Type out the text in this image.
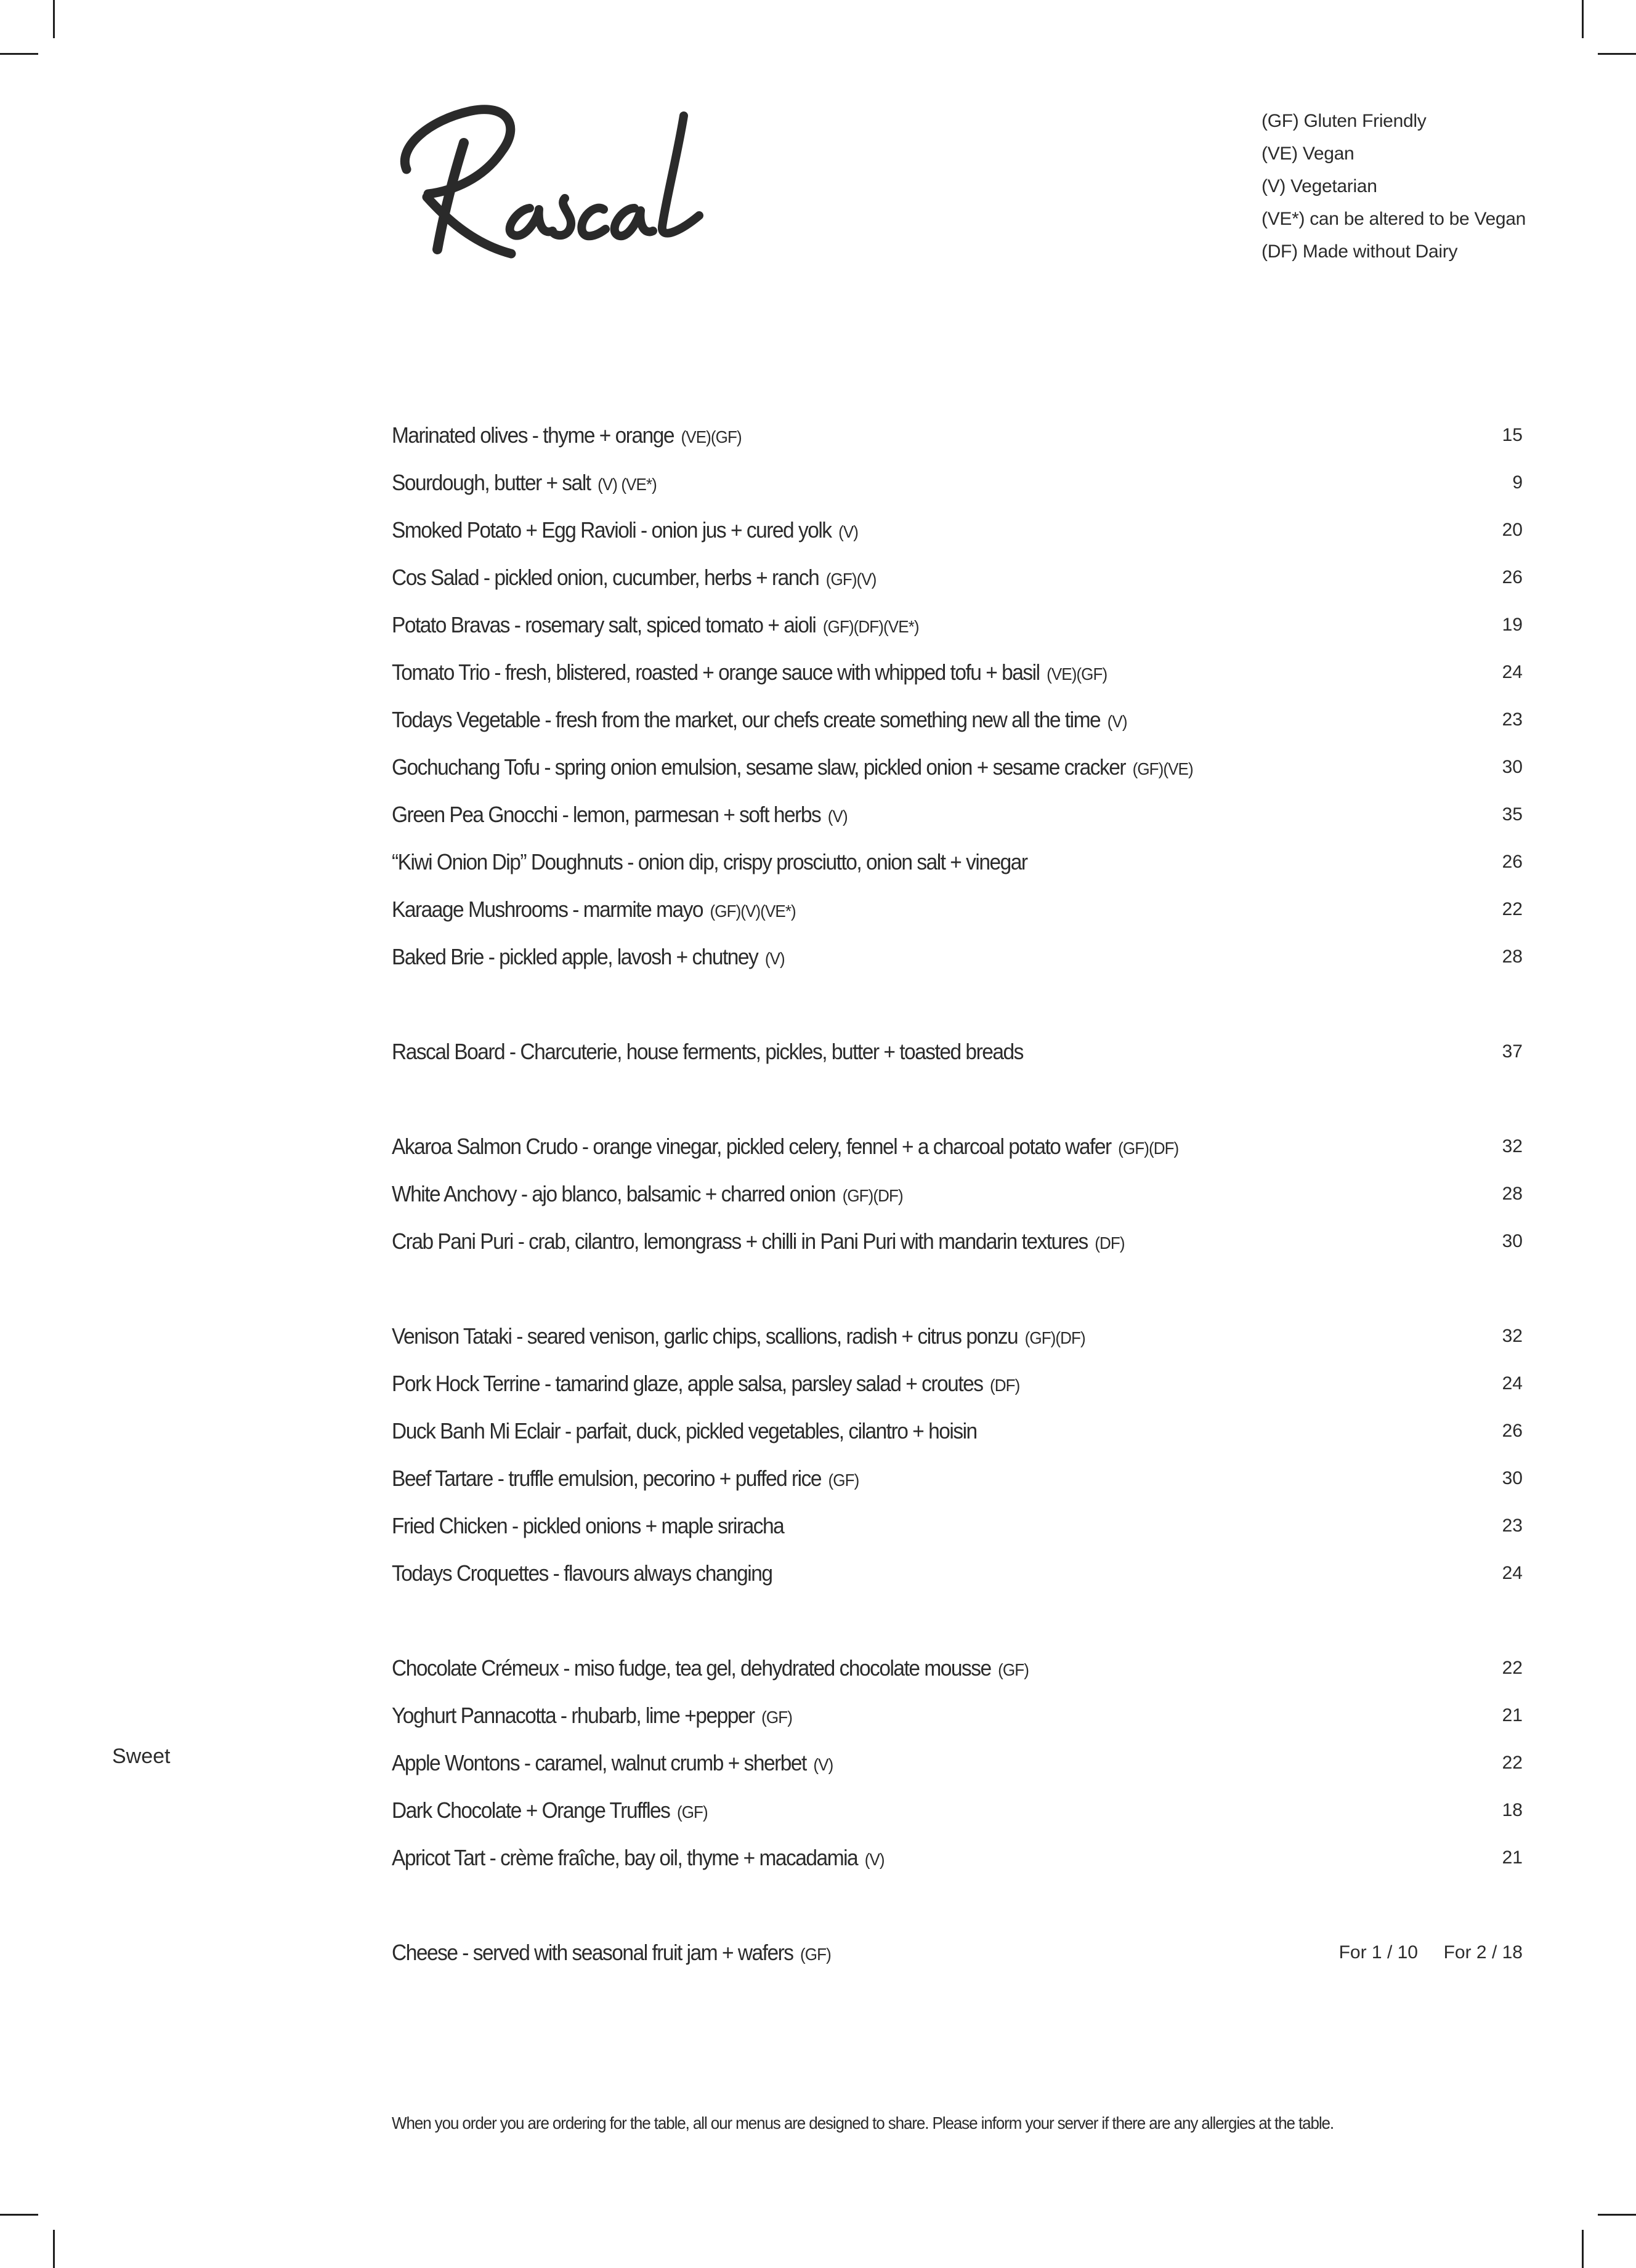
(GF) Gluten Friendly
(VE) Vegan
(V) Vegetarian
(VE*) can be altered to be Vegan
(DF) Made without Dairy
Sweet
Marinated olives - thyme + orange (VE)(GF)	15
Sourdough, butter + salt (V) (VE*)	9
Smoked Potato + Egg Ravioli - onion jus + cured yolk (V)	20
Cos Salad - pickled onion, cucumber, herbs + ranch (GF)(V)	26
Potato Bravas - rosemary salt, spiced tomato + aioli (GF)(DF)(VE*)	19
Tomato Trio - fresh, blistered, roasted + orange sauce with whipped tofu + basil (VE)(GF)	24
Todays Vegetable - fresh from the market, our chefs create something new all the time (V)	23
Gochuchang Tofu - spring onion emulsion, sesame slaw, pickled onion + sesame cracker (GF)(VE)	30
Green Pea Gnocchi - lemon, parmesan + soft herbs (V)	35
“Kiwi Onion Dip” Doughnuts - onion dip, crispy prosciutto, onion salt + vinegar	26
Karaage Mushrooms - marmite mayo (GF)(V)(VE*)	22
Baked Brie - pickled apple, lavosh + chutney (V)	28
Rascal Board - Charcuterie, house ferments, pickles, butter + toasted breads	37
Akaroa Salmon Crudo - orange vinegar, pickled celery, fennel + a charcoal potato wafer (GF)(DF)	32
White Anchovy - ajo blanco, balsamic + charred onion (GF)(DF)	28
Crab Pani Puri - crab, cilantro, lemongrass + chilli in Pani Puri with mandarin textures (DF)	30
Venison Tataki - seared venison, garlic chips, scallions, radish + citrus ponzu (GF)(DF)	32
Pork Hock Terrine - tamarind glaze, apple salsa, parsley salad + croutes (DF)	24
Duck Banh Mi Eclair - parfait, duck, pickled vegetables, cilantro + hoisin	26
Beef Tartare - truffle emulsion, pecorino + puffed rice (GF)	30
Fried Chicken - pickled onions + maple sriracha	23
Todays Croquettes - flavours always changing	24
Chocolate Crémeux - miso fudge, tea gel, dehydrated chocolate mousse (GF)	22
Yoghurt Pannacotta - rhubarb, lime +pepper (GF)	21
Apple Wontons - caramel, walnut crumb + sherbet (V)	22
Dark Chocolate + Orange Truffles (GF)	18
Apricot Tart - crème fraîche, bay oil, thyme + macadamia (V)	21
Cheese - served with seasonal fruit jam + wafers (GF)	For 1 / 10 For 2 / 18
When you order you are ordering for the table, all our menus are designed to share. Please inform your server if there are any allergies at the table.
